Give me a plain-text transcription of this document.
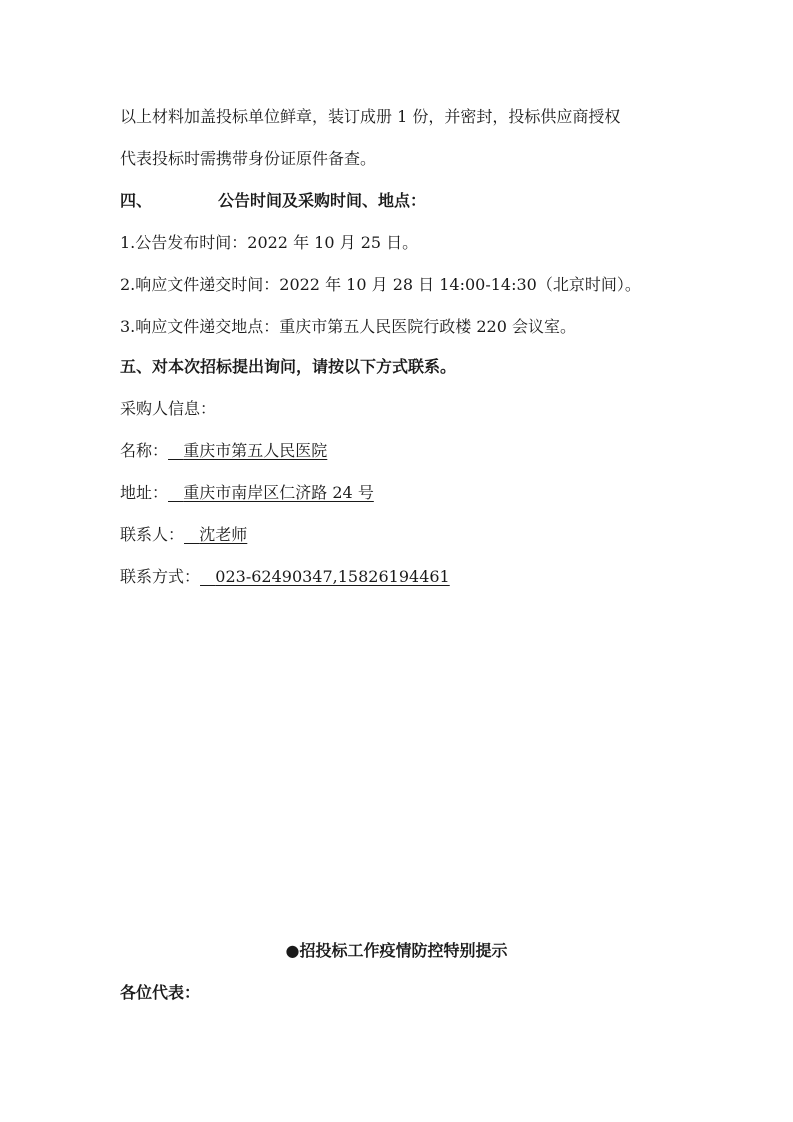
以上材料加盖投标单位鲜章，装订成册 1 份，并密封，投标供应商授权
代表投标时需携带身份证原件备查。
四、	公告时间及采购时间、地点：
1.公告发布时间：2022 年 10 月 25 日。
2.响应文件递交时间：2022 年 10 月 28 日 14:00-14:30（北京时间）。
3.响应文件递交地点：重庆市第五人民医院行政楼 220 会议室。
五、对本次招标提出询问，请按以下方式联系。
采购人信息：
名称： 重庆市第五人民医院
地址： 重庆市南岸区仁济路 24 号
联系人： 沈老师
联系方式： 023-62490347,15826194461
●招投标工作疫情防控特别提示
各位代表：
